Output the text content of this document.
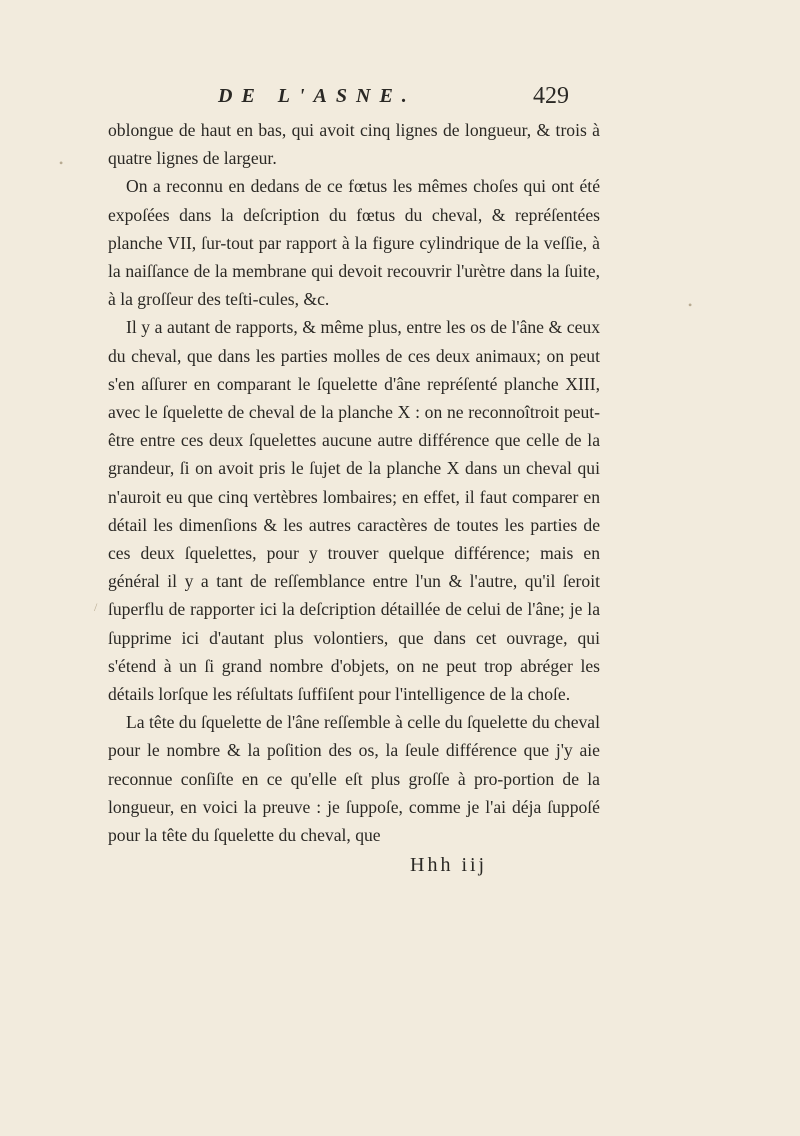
DE L'ASNE.	429

oblongue de haut en bas, qui avoit cinq lignes de longueur, & trois à quatre lignes de largeur.

On a reconnu en dedans de ce fœtus les mêmes choſes qui ont été expoſées dans la deſcription du fœtus du cheval, & repréſentées planche VII, ſur-tout par rapport à la figure cylindrique de la veſſie, à la naiſſance de la membrane qui devoit recouvrir l'urètre dans la ſuite, à la groſſeur des teſti-cules, &c.

Il y a autant de rapports, & même plus, entre les os de l'âne & ceux du cheval, que dans les parties molles de ces deux animaux; on peut s'en aſſurer en comparant le ſquelette d'âne repréſenté planche XIII, avec le ſquelette de cheval de la planche X : on ne reconnoîtroit peut-être entre ces deux ſquelettes aucune autre différence que celle de la grandeur, ſi on avoit pris le ſujet de la planche X dans un cheval qui n'auroit eu que cinq vertèbres lombaires; en effet, il faut comparer en détail les dimenſions & les autres caractères de toutes les parties de ces deux ſquelettes, pour y trouver quelque différence; mais en général il y a tant de reſſemblance entre l'un & l'autre, qu'il ſeroit ſuperflu de rapporter ici la deſcription détaillée de celui de l'âne; je la ſupprime ici d'autant plus volontiers, que dans cet ouvrage, qui s'étend à un ſi grand nombre d'objets, on ne peut trop abréger les détails lorſque les réſultats ſuffiſent pour l'intelligence de la choſe.

La tête du ſquelette de l'âne reſſemble à celle du ſquelette du cheval pour le nombre & la poſition des os, la ſeule différence que j'y aie reconnue conſiſte en ce qu'elle eſt plus groſſe à pro-portion de la longueur, en voici la preuve : je ſuppoſe, comme je l'ai déja ſuppoſé pour la tête du ſquelette du cheval, que

Hhh iij
/
•
•
